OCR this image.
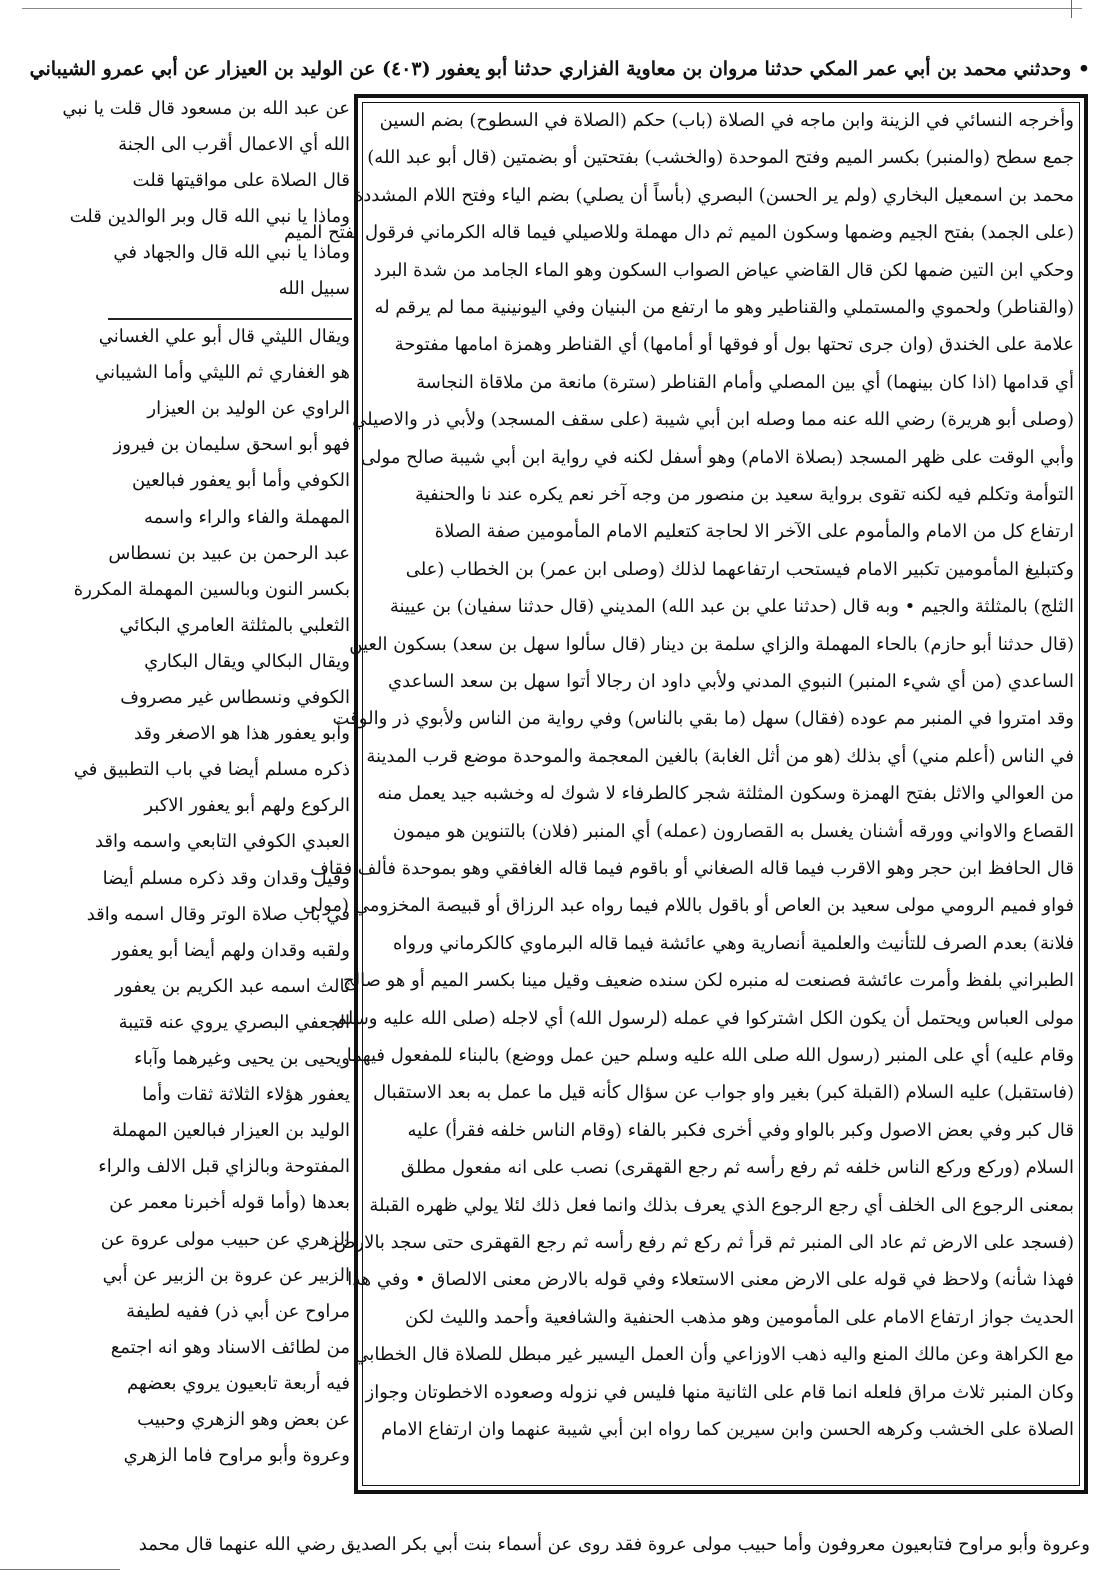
• وحدثني محمد بن أبي عمر المكي حدثنا مروان بن معاوية الفزاري حدثنا أبو يعفور (٤٠٣) عن الوليد بن العيزار عن أبي عمرو الشيباني
وأخرجه النسائي في الزينة وابن ماجه في الصلاة (باب) حكم (الصلاة في السطوح) بضم السين
جمع سطح (والمنبر) بكسر الميم وفتح الموحدة (والخشب) بفتحتين أو بضمتين (قال أبو عبد الله)
محمد بن اسمعيل البخاري (ولم ير الحسن) البصري (بأساً أن يصلي) بضم الياء وفتح اللام المشددة
(على الجمد) بفتح الجيم وضمها وسكون الميم ثم دال مهملة وللاصيلي فيما قاله الكرماني فرقول بفتح الميم
وحكي ابن التين ضمها لكن قال القاضي عياض الصواب السكون وهو الماء الجامد من شدة البرد
(والقناطر) ولحموي والمستملي والقناطير وهو ما ارتفع من البنيان وفي اليونينية مما لم يرقم له
علامة على الخندق (وان جرى تحتها بول أو فوقها أو أمامها) أي القناطر وهمزة امامها مفتوحة
أي قدامها (اذا كان بينهما) أي بين المصلي وأمام القناطر (سترة) مانعة من ملاقاة النجاسة
(وصلى أبو هريرة) رضي الله عنه مما وصله ابن أبي شيبة (على سقف المسجد) ولأبي ذر والاصيلي
وأبي الوقت على ظهر المسجد (بصلاة الامام) وهو أسفل لكنه في رواية ابن أبي شيبة صالح مولى
التوأمة وتكلم فيه لكنه تقوى برواية سعيد بن منصور من وجه آخر نعم يكره عند نا والحنفية
ارتفاع كل من الامام والمأموم على الآخر الا لحاجة كتعليم الامام المأمومين صفة الصلاة
وكتبليغ المأمومين تكبير الامام فيستحب ارتفاعهما لذلك (وصلى ابن عمر) بن الخطاب (على
الثلج) بالمثلثة والجيم • وبه قال (حدثنا علي بن عبد الله) المديني (قال حدثنا سفيان) بن عيينة
(قال حدثنا أبو حازم) بالحاء المهملة والزاي سلمة بن دينار (قال سألوا سهل بن سعد) بسكون العين
الساعدي (من أي شيء المنبر) النبوي المدني ولأبي داود ان رجالا أتوا سهل بن سعد الساعدي
وقد امتروا في المنبر مم عوده (فقال) سهل (ما بقي بالناس) وفي رواية من الناس ولأبوي ذر والوقت
في الناس (أعلم مني) أي بذلك (هو من أثل الغابة) بالغين المعجمة والموحدة موضع قرب المدينة
من العوالي والاثل بفتح الهمزة وسكون المثلثة شجر كالطرفاء لا شوك له وخشبه جيد يعمل منه
القصاع والاواني وورقه أشنان يغسل به القصارون (عمله) أي المنبر (فلان) بالتنوين هو ميمون
قال الحافظ ابن حجر وهو الاقرب فيما قاله الصغاني أو باقوم فيما قاله الغافقي وهو بموحدة فألف فقاف
فواو فميم الرومي مولى سعيد بن العاص أو باقول باللام فيما رواه عبد الرزاق أو قبيصة المخزومي (مولى
فلانة) بعدم الصرف للتأنيث والعلمية أنصارية وهي عائشة فيما قاله البرماوي كالكرماني ورواه
الطبراني بلفظ وأمرت عائشة فصنعت له منبره لكن سنده ضعيف وقيل مينا بكسر الميم أو هو صالح
مولى العباس ويحتمل أن يكون الكل اشتركوا في عمله (لرسول الله) أي لاجله (صلى الله عليه وسلم
وقام عليه) أي على المنبر (رسول الله صلى الله عليه وسلم حين عمل ووضع) بالبناء للمفعول فيهما
(فاستقبل) عليه السلام (القبلة كبر) بغير واو جواب عن سؤال كأنه قيل ما عمل به بعد الاستقبال
قال كبر وفي بعض الاصول وكبر بالواو وفي أخرى فكبر بالفاء (وقام الناس خلفه فقرأ) عليه
السلام (وركع وركع الناس خلفه ثم رفع رأسه ثم رجع القهقرى) نصب على انه مفعول مطلق
بمعنى الرجوع الى الخلف أي رجع الرجوع الذي يعرف بذلك وانما فعل ذلك لئلا يولي ظهره القبلة
(فسجد على الارض ثم عاد الى المنبر ثم قرأ ثم ركع ثم رفع رأسه ثم رجع القهقرى حتى سجد بالارض
فهذا شأنه) ولاحظ في قوله على الارض معنى الاستعلاء وفي قوله بالارض معنى الالصاق • وفي هذا
الحديث جواز ارتفاع الامام على المأمومين وهو مذهب الحنفية والشافعية وأحمد والليث لكن
مع الكراهة وعن مالك المنع واليه ذهب الاوزاعي وأن العمل اليسير غير مبطل للصلاة قال الخطابي
وكان المنبر ثلاث مراق فلعله انما قام على الثانية منها فليس في نزوله وصعوده الاخطوتان وجواز
الصلاة على الخشب وكرهه الحسن وابن سيرين كما رواه ابن أبي شيبة عنهما وان ارتفاع الامام
عن عبد الله بن مسعود قال قلت يا نبي
الله أي الاعمال أقرب الى الجنة
قال الصلاة على مواقيتها قلت
وماذا يا نبي الله قال وبر الوالدين قلت
وماذا يا نبي الله قال والجهاد في
سبيل الله
ويقال الليثي قال أبو علي الغساني
هو الغفاري ثم الليثي وأما الشيباني
الراوي عن الوليد بن العيزار
فهو أبو اسحق سليمان بن فيروز
الكوفي وأما أبو يعفور فبالعين
المهملة والفاء والراء واسمه
عبد الرحمن بن عبيد بن نسطاس
بكسر النون وبالسين المهملة المكررة
الثعلبي بالمثلثة العامري البكائي
ويقال البكالي ويقال البكاري
الكوفي ونسطاس غير مصروف
وأبو يعفور هذا هو الاصغر وقد
ذكره مسلم أيضا في باب التطبيق في
الركوع ولهم أبو يعفور الاكبر
العبدي الكوفي التابعي واسمه واقد
وقيل وقدان وقد ذكره مسلم أيضا
في باب صلاة الوتر وقال اسمه واقد
ولقبه وقدان ولهم أيضا أبو يعفور
ثالث اسمه عبد الكريم بن يعفور
الجعفي البصري يروي عنه قتيبة
ويحيى بن يحيى وغيرهما وآباء
يعفور هؤلاء الثلاثة ثقات وأما
الوليد بن العيزار فبالعين المهملة
المفتوحة وبالزاي قبل الالف والراء
بعدها (وأما قوله أخبرنا معمر عن
الزهري عن حبيب مولى عروة عن
الزبير عن عروة بن الزبير عن أبي
مراوح عن أبي ذر) ففيه لطيفة
من لطائف الاسناد وهو انه اجتمع
فيه أربعة تابعيون يروي بعضهم
عن بعض وهو الزهري وحبيب
وعروة وأبو مراوح فاما الزهري
وعروة وأبو مراوح فتابعيون معروفون وأما حبيب مولى عروة فقد روى عن أسماء بنت أبي بكر الصديق رضي الله عنهما قال محمد
